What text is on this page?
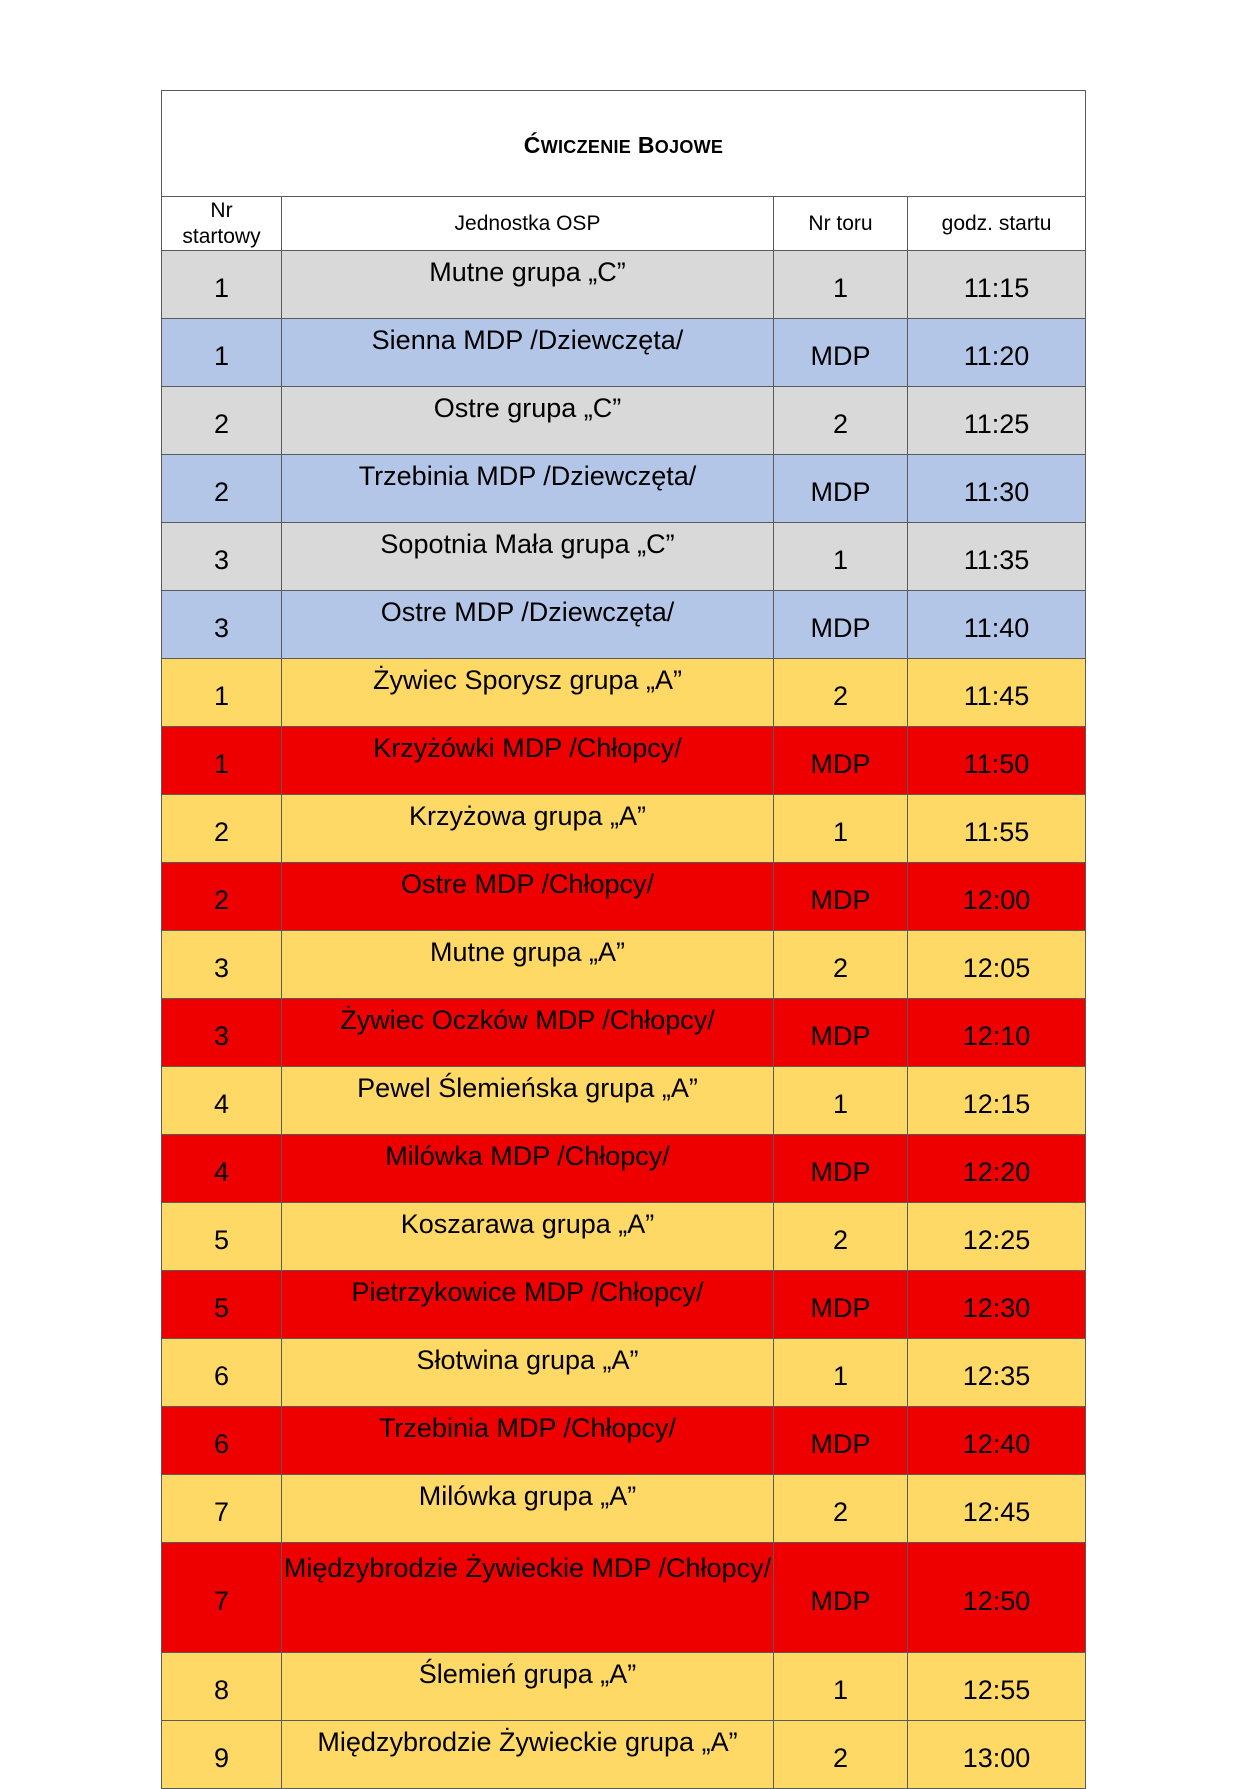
ĆWICZENIE BOJOWE			
Nr startowy	Jednostka OSP	Nr toru	godz. startu
1	Mutne grupa „C”	1	11:15
1	Sienna MDP /Dziewczęta/	MDP	11:20
2	Ostre grupa „C”	2	11:25
2	Trzebinia MDP /Dziewczęta/	MDP	11:30
3	Sopotnia Mała grupa „C”	1	11:35
3	Ostre MDP /Dziewczęta/	MDP	11:40
1	Żywiec Sporysz grupa „A”	2	11:45
1	Krzyżówki MDP /Chłopcy/	MDP	11:50
2	Krzyżowa grupa „A”	1	11:55
2	Ostre MDP /Chłopcy/	MDP	12:00
3	Mutne grupa „A”	2	12:05
3	Żywiec Oczków MDP /Chłopcy/	MDP	12:10
4	Pewel Ślemieńska grupa „A”	1	12:15
4	Milówka MDP /Chłopcy/	MDP	12:20
5	Koszarawa grupa „A”	2	12:25
5	Pietrzykowice MDP /Chłopcy/	MDP	12:30
6	Słotwina grupa „A”	1	12:35
6	Trzebinia MDP /Chłopcy/	MDP	12:40
7	Milówka grupa „A”	2	12:45
7	Międzybrodzie Żywieckie MDP /Chłopcy/	MDP	12:50
8	Ślemień grupa „A”	1	12:55
9	Międzybrodzie Żywieckie grupa „A”	2	13:00
